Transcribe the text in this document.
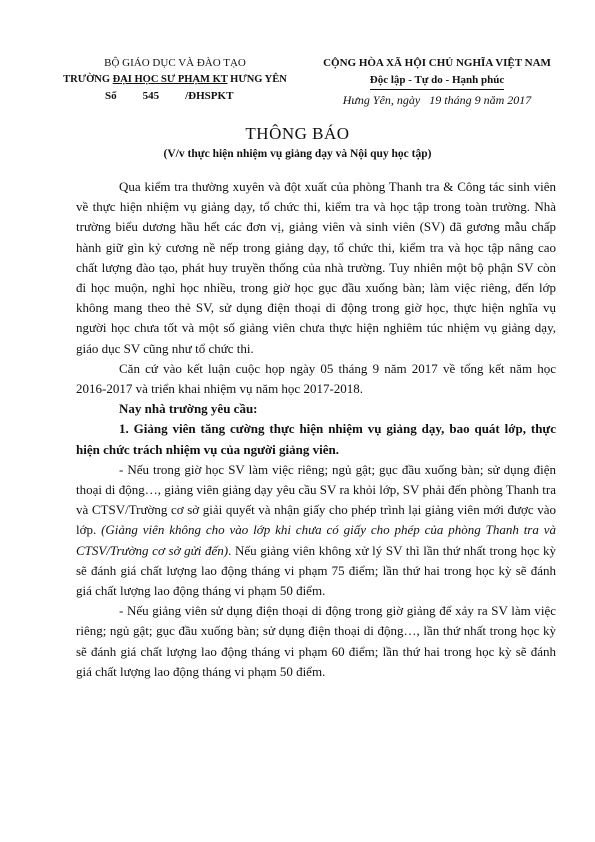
BỘ GIÁO DỤC VÀ ĐÀO TẠO
TRƯỜNG ĐẠI HỌC SƯ PHẠM KT HƯNG YÊN
Số 545 /ĐHSPKT
CỘNG HÒA XÃ HỘI CHỦ NGHĨA VIỆT NAM
Độc lập - Tự do - Hạnh phúc
Hưng Yên, ngày   19 tháng 9 năm 2017
THÔNG BÁO
(V/v thực hiện nhiệm vụ giảng dạy và Nội quy học tập)

Qua kiểm tra thường xuyên và đột xuất của phòng Thanh tra & Công tác sinh viên về thực hiện nhiệm vụ giảng dạy, tổ chức thi, kiểm tra và học tập trong toàn trường. Nhà trường biểu dương hầu hết các đơn vị, giảng viên và sinh viên (SV) đã gương mẫu chấp hành giữ gìn kỷ cương nề nếp trong giảng dạy, tổ chức thi, kiểm tra và học tập nâng cao chất lượng đào tạo, phát huy truyền thống của nhà trường. Tuy nhiên một bộ phận SV còn đi học muộn, nghỉ học nhiều, trong giờ học gục đầu xuống bàn; làm việc riêng, đến lớp không mang theo thẻ SV, sử dụng điện thoại di động trong giờ học, thực hiện nghĩa vụ người học chưa tốt và một số giảng viên chưa thực hiện nghiêm túc nhiệm vụ giảng dạy, giáo dục SV cũng như tổ chức thi.

Căn cứ vào kết luận cuộc họp ngày 05 tháng 9 năm 2017 về tổng kết năm học 2016-2017 và triển khai nhiệm vụ năm học 2017-2018.

Nay nhà trường yêu cầu:

1. Giảng viên tăng cường thực hiện nhiệm vụ giảng dạy, bao quát lớp, thực hiện chức trách nhiệm vụ của người giảng viên.

- Nếu trong giờ học SV làm việc riêng; ngủ gật; gục đầu xuống bàn; sử dụng điện thoại di động…, giảng viên giảng dạy yêu cầu SV ra khỏi lớp, SV phải đến phòng Thanh tra và CTSV/Trường cơ sở giải quyết và nhận giấy cho phép trình lại giảng viên mới được vào lớp. (Giảng viên không cho vào lớp khi chưa có giấy cho phép của phòng Thanh tra và CTSV/Trường cơ sở gửi đến). Nếu giảng viên không xử lý SV thì lần thứ nhất trong học kỳ sẽ đánh giá chất lượng lao động tháng vi phạm 75 điểm; lần thứ hai trong học kỳ sẽ đánh giá chất lượng lao động tháng vi phạm 50 điểm.

- Nếu giảng viên sử dụng điện thoại di động trong giờ giảng để xảy ra SV làm việc riêng; ngủ gật; gục đầu xuống bàn; sử dụng điện thoại di động…, lần thứ nhất trong học kỳ sẽ đánh giá chất lượng lao động tháng vi phạm 60 điểm; lần thứ hai trong học kỳ sẽ đánh giá chất lượng lao động tháng vi phạm 50 điểm.
